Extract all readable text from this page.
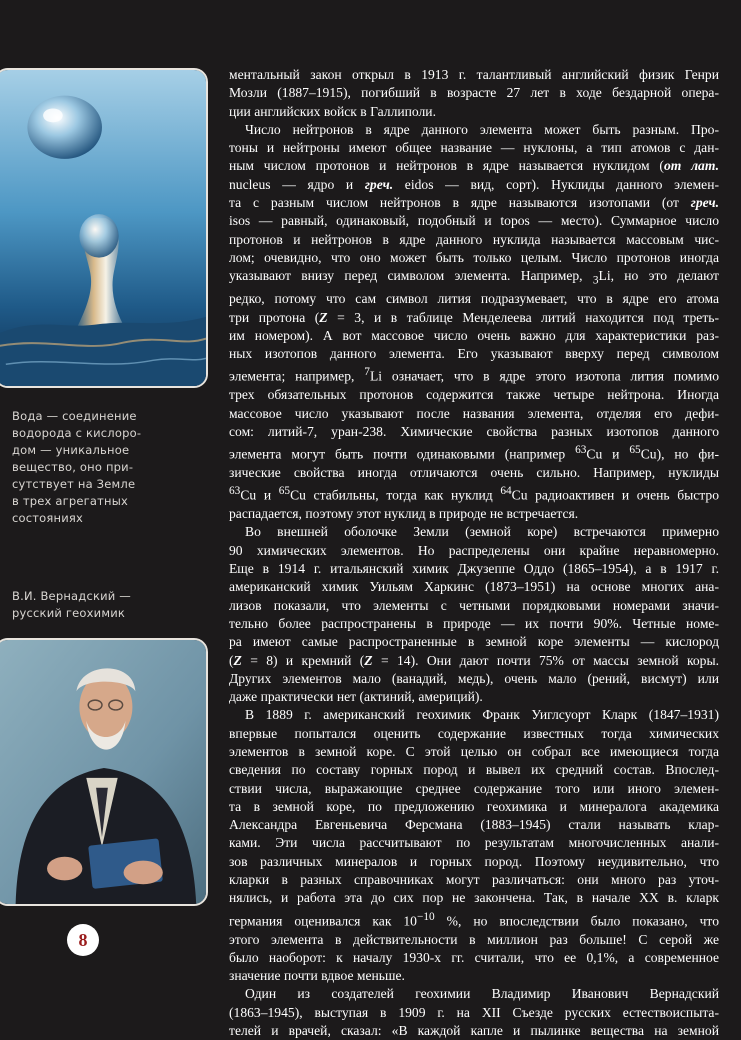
Вода — соединение
водорода с кислоро-
дом — уникальное
вещество, оно при-
сутствует на Земле
в трех агрегатных
состояниях
В.И. Вернадский —
русский геохимик
8
ментальный закон открыл в 1913 г. талантливый английский физик Генри
Мозли (1887–1915), погибший в возрасте 27 лет в ходе бездарной опера-
ции английских войск в Галлиполи.
Число нейтронов в ядре данного элемента может быть разным. Про-
тоны и нейтроны имеют общее название — нуклоны, а тип атомов с дан-
ным числом протонов и нейтронов в ядре называется нуклидом (от лат.
nucleus — ядро и греч. eidos — вид, сорт). Нуклиды данного элемен-
та с разным числом нейтронов в ядре называются изотопами (от греч.
isos — равный, одинаковый, подобный и topos — место). Суммарное число
протонов и нейтронов в ядре данного нуклида называется массовым чис-
лом; очевидно, что оно может быть только целым. Число протонов иногда
указывают внизу перед символом элемента. Например, $_3$Li, но это делают
редко, потому что сам символ лития подразумевает, что в ядре его атома
три протона (Z = 3, и в таблице Менделеева литий находится под треть-
им номером). А вот массовое число очень важно для характеристики раз-
ных изотопов данного элемента. Его указывают вверху перед символом
элемента; например, $^7$Li означает, что в ядре этого изотопа лития помимо
трех обязательных протонов содержится также четыре нейтрона. Иногда
массовое число указывают после названия элемента, отделяя его дефи-
сом: литий-7, уран-238. Химические свойства разных изотопов данного
элемента могут быть почти одинаковыми (например $^{63}$Cu и $^{65}$Cu), но фи-
зические свойства иногда отличаются очень сильно. Например, нуклиды
$^{63}$Cu и $^{65}$Cu стабильны, тогда как нуклид $^{64}$Cu радиоактивен и очень быстро
распадается, поэтому этот нуклид в природе не встречается.
Во внешней оболочке Земли (земной коре) встречаются примерно
90 химических элементов. Но распределены они крайне неравномерно.
Еще в 1914 г. итальянский химик Джузеппе Оддо (1865–1954), а в 1917 г.
американский химик Уильям Харкинс (1873–1951) на основе многих ана-
лизов показали, что элементы с четными порядковыми номерами значи-
тельно более распространены в природе — их почти 90%. Четные номе-
ра имеют самые распространенные в земной коре элементы — кислород
(Z = 8) и кремний (Z = 14). Они дают почти 75% от массы земной коры.
Других элементов мало (ванадий, медь), очень мало (рений, висмут) или
даже практически нет (актиний, америций).
В 1889 г. американский геохимик Франк Уиглсуорт Кларк (1847–1931)
впервые попытался оценить содержание известных тогда химических
элементов в земной коре. С этой целью он собрал все имеющиеся тогда
сведения по составу горных пород и вывел их средний состав. Впослед-
ствии числа, выражающие среднее содержание того или иного элемен-
та в земной коре, по предложению геохимика и минералога академика
Александра Евгеньевича Ферсмана (1883–1945) стали называть клар-
ками. Эти числа рассчитывают по результатам многочисленных анали-
зов различных минералов и горных пород. Поэтому неудивительно, что
кларки в разных справочниках могут различаться: они много раз уточ-
нялись, и работа эта до сих пор не закончена. Так, в начале XX в. кларк
германия оценивался как $10^{-10}$ %, но впоследствии было показано, что
этого элемента в действительности в миллион раз больше! С серой же
было наоборот: к началу 1930-х гг. считали, что ее 0,1%, а современное
значение почти вдвое меньше.
Один из создателей геохимии Владимир Иванович Вернадский
(1863–1945), выступая в 1909 г. на XII Съезде русских естествоиспыта-
телей и врачей, сказал: «В каждой капле и пылинке вещества на земной
